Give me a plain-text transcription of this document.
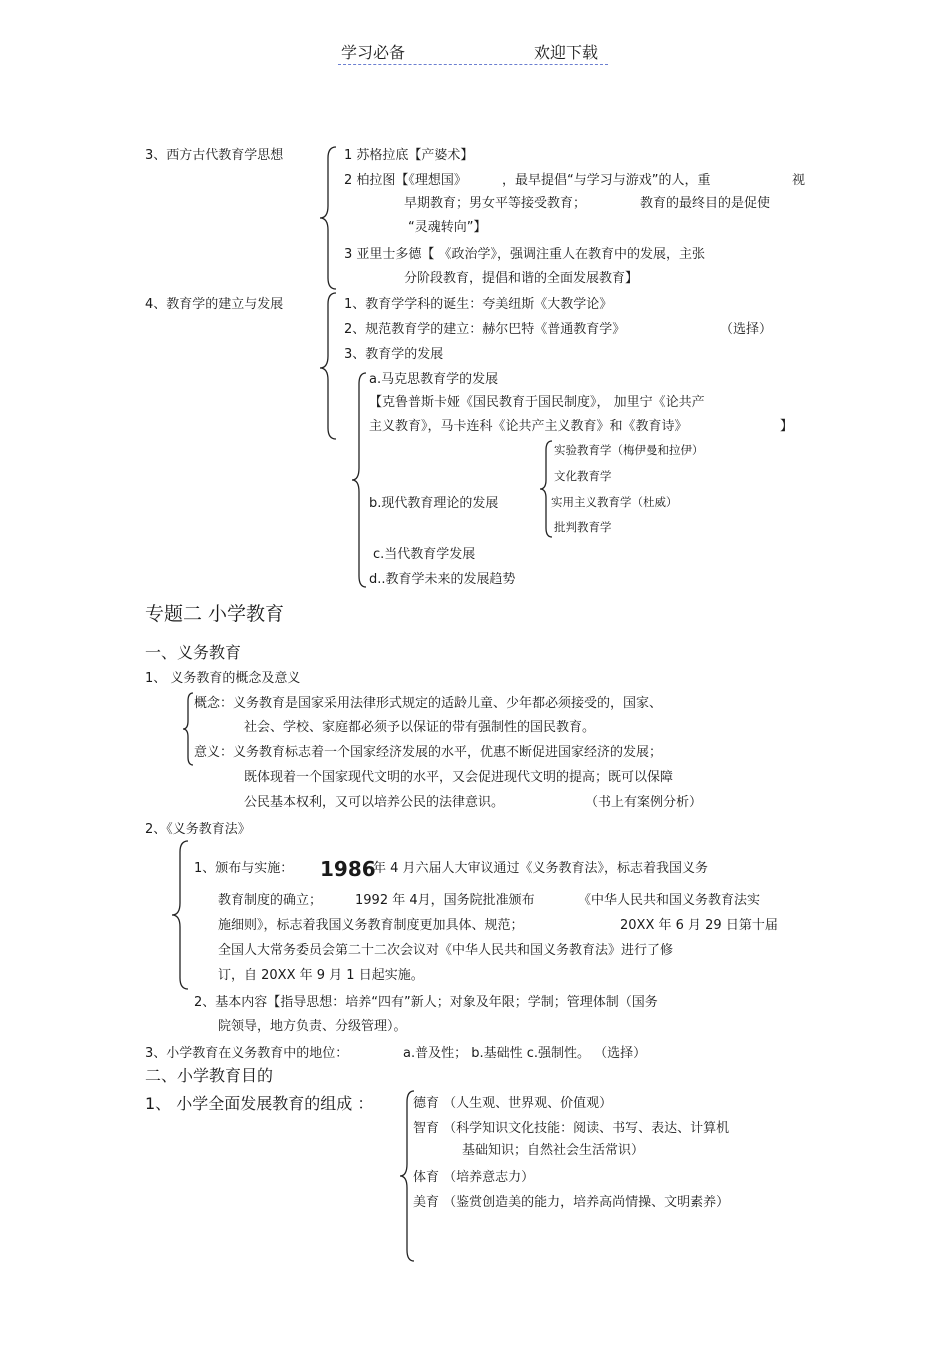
学习必备	欢迎下载
3、西方古代教育学思想	1 苏格拉底【产婆术】
2 柏拉图【《理想国》	，最早提倡“与学习与游戏”的人，重	视
早期教育；男女平等接受教育；	教育的最终目的是促使
“灵魂转向”】
3 亚里士多德【 《政治学》，强调注重人在教育中的发展，主张
分阶段教育，提倡和谐的全面发展教育】
4、教育学的建立与发展	1、教育学学科的诞生：夸美纽斯《大教学论》
2、规范教育学的建立：赫尔巴特《普通教育学》	（选择）
3、教育学的发展
a.马克思教育学的发展
【克鲁普斯卡娅《国民教育于国民制度》， 加里宁《论共产
主义教育》，马卡连科《论共产主义教育》和《教育诗》	】
b.现代教育理论的发展
实验教育学（梅伊曼和拉伊）
文化教育学
实用主义教育学（杜威）
批判教育学
c.当代教育学发展
d..教育学未来的发展趋势
专题二 小学教育
一、义务教育
1、 义务教育的概念及意义
概念：义务教育是国家采用法律形式规定的适龄儿童、少年都必须接受的，国家、
社会、学校、家庭都必须予以保证的带有强制性的国民教育。
意义：义务教育标志着一个国家经济发展的水平，优惠不断促进国家经济的发展；
既体现着一个国家现代文明的水平，又会促进现代文明的提高；既可以保障
公民基本权利，又可以培养公民的法律意识。	（书上有案例分析）
2、《义务教育法》
1、颁布与实施： 1986
年 4 月六届人大审议通过《义务教育法》，标志着我国义务
教育制度的确立；	1992 年 4月，国务院批准颁布	《中华人民共和国义务教育法实
施细则》，标志着我国义务教育制度更加具体、规范；	20XX 年 6 月 29 日第十届
全国人大常务委员会第二十二次会议对《中华人民共和国义务教育法》进行了修
订，自 20XX 年 9 月 1 日起实施。
2、基本内容【指导思想：培养“四有”新人；对象及年限；学制；管理体制（国务
院领导，地方负责、分级管理）。
3、小学教育在义务教育中的地位：	a.普及性； b.基础性 c.强制性。 （选择）
二、小学教育目的
1、 小学全面发展教育的组成 ：	德育 （人生观、世界观、价值观）
智育 （科学知识文化技能：阅读、书写、表达、计算机
基础知识；自然社会生活常识）
体育 （培养意志力）
美育 （鉴赏创造美的能力，培养高尚情操、文明素养）
